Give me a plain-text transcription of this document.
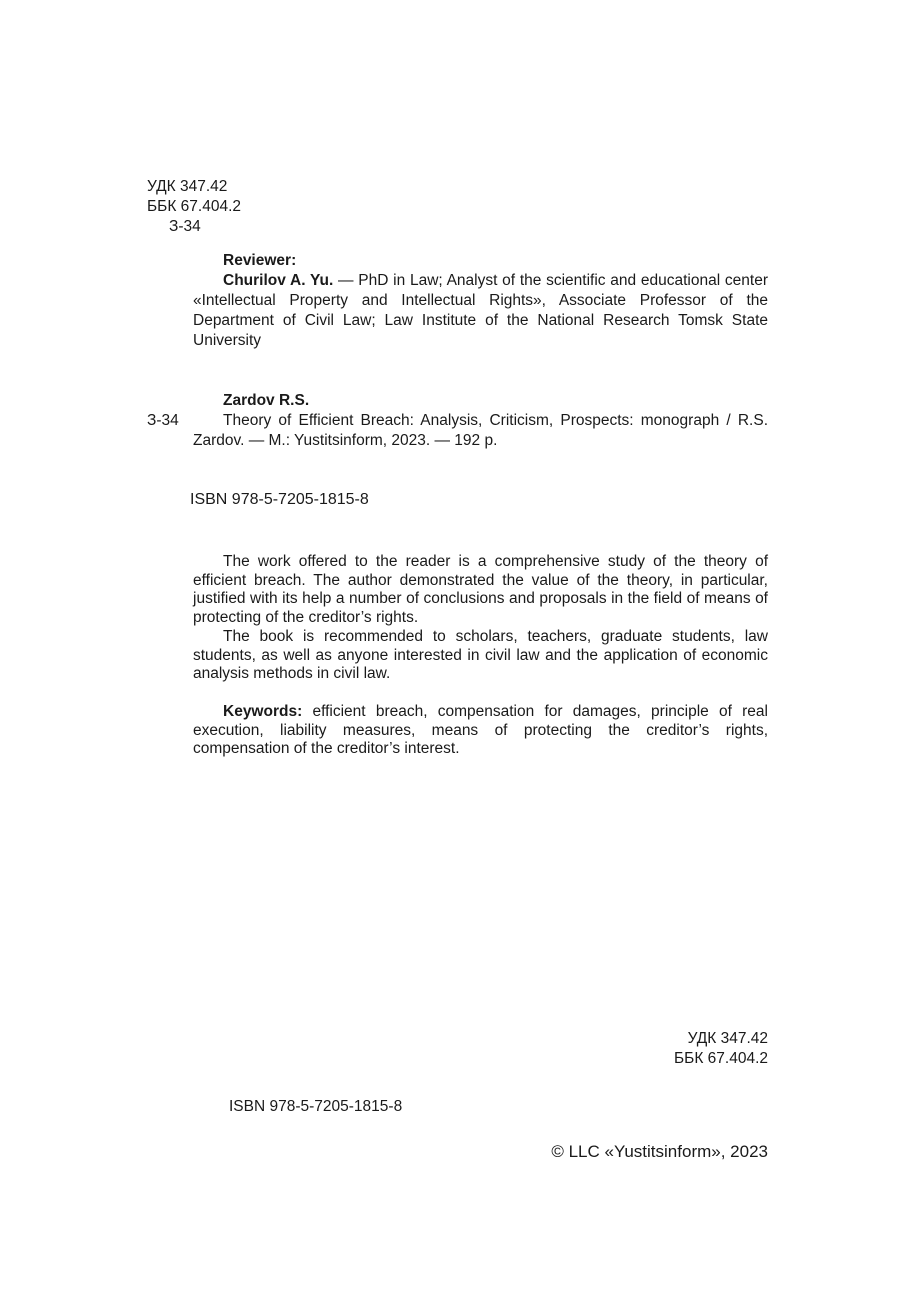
УДК 347.42
ББК 67.404.2
З-34
Reviewer:
Churilov A. Yu. — PhD in Law; Analyst of the scientific and educational center «Intellectual Property and Intellectual Rights», Associate Professor of the Department of Civil Law; Law Institute of the National Research Tomsk State University
Zardov R.S.
З-34	Theory of Efficient Breach: Analysis, Criticism, Prospects: monograph / R.S. Zardov. — M.: Yustitsinform, 2023. — 192 p.
ISBN 978-5-7205-1815-8
The work offered to the reader is a comprehensive study of the theory of efficient breach. The author demonstrated the value of the theory, in particular, justified with its help a number of conclusions and proposals in the field of means of protecting of the creditor’s rights.
The book is recommended to scholars, teachers, graduate students, law students, as well as anyone interested in civil law and the application of economic analysis methods in civil law.
Keywords: efficient breach, compensation for damages, principle of real execution, liability measures, means of protecting the creditor’s rights, compensation of the creditor’s interest.
УДК 347.42
ББК 67.404.2
ISBN 978-5-7205-1815-8
© LLC «Yustitsinform», 2023
